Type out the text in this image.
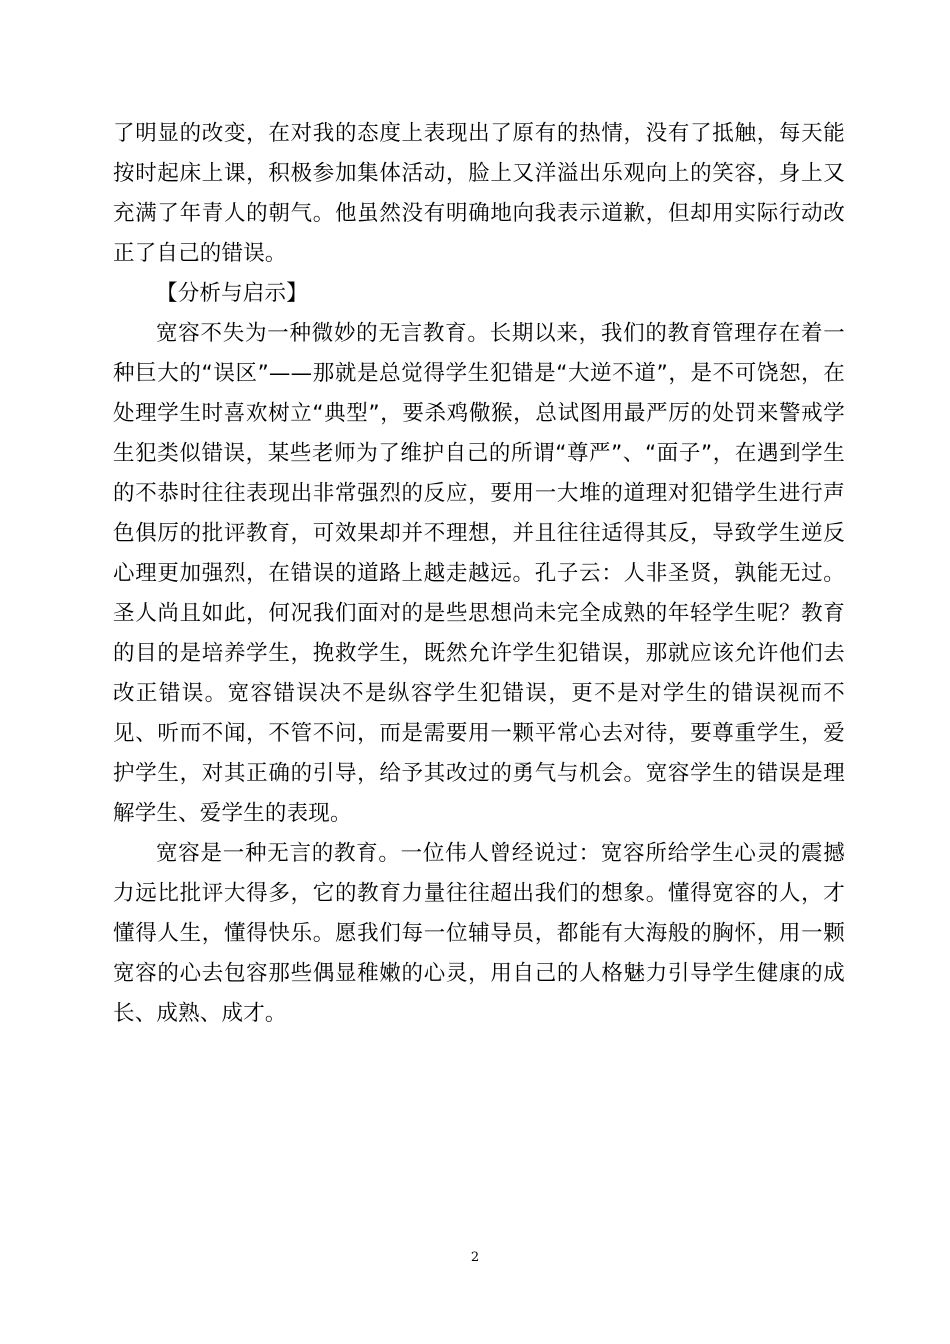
了明显的改变，在对我的态度上表现出了原有的热情，没有了抵触，每天能按时起床上课，积极参加集体活动，脸上又洋溢出乐观向上的笑容，身上又充满了年青人的朝气。他虽然没有明确地向我表示道歉，但却用实际行动改正了自己的错误。

【分析与启示】

宽容不失为一种微妙的无言教育。长期以来，我们的教育管理存在着一种巨大的“误区”——那就是总觉得学生犯错是“大逆不道”，是不可饶恕，在处理学生时喜欢树立“典型”，要杀鸡儆猴，总试图用最严厉的处罚来警戒学生犯类似错误，某些老师为了维护自己的所谓“尊严”、“面子”，在遇到学生的不恭时往往表现出非常强烈的反应，要用一大堆的道理对犯错学生进行声色俱厉的批评教育，可效果却并不理想，并且往往适得其反，导致学生逆反心理更加强烈，在错误的道路上越走越远。孔子云：人非圣贤，孰能无过。圣人尚且如此，何况我们面对的是些思想尚未完全成熟的年轻学生呢？教育的目的是培养学生，挽救学生，既然允许学生犯错误，那就应该允许他们去改正错误。宽容错误决不是纵容学生犯错误，更不是对学生的错误视而不见、听而不闻，不管不问，而是需要用一颗平常心去对待，要尊重学生，爱护学生，对其正确的引导，给予其改过的勇气与机会。宽容学生的错误是理解学生、爱学生的表现。

宽容是一种无言的教育。一位伟人曾经说过：宽容所给学生心灵的震撼力远比批评大得多，它的教育力量往往超出我们的想象。懂得宽容的人，才懂得人生，懂得快乐。愿我们每一位辅导员，都能有大海般的胸怀，用一颗宽容的心去包容那些偶显稚嫩的心灵，用自己的人格魅力引导学生健康的成长、成熟、成才。

2
